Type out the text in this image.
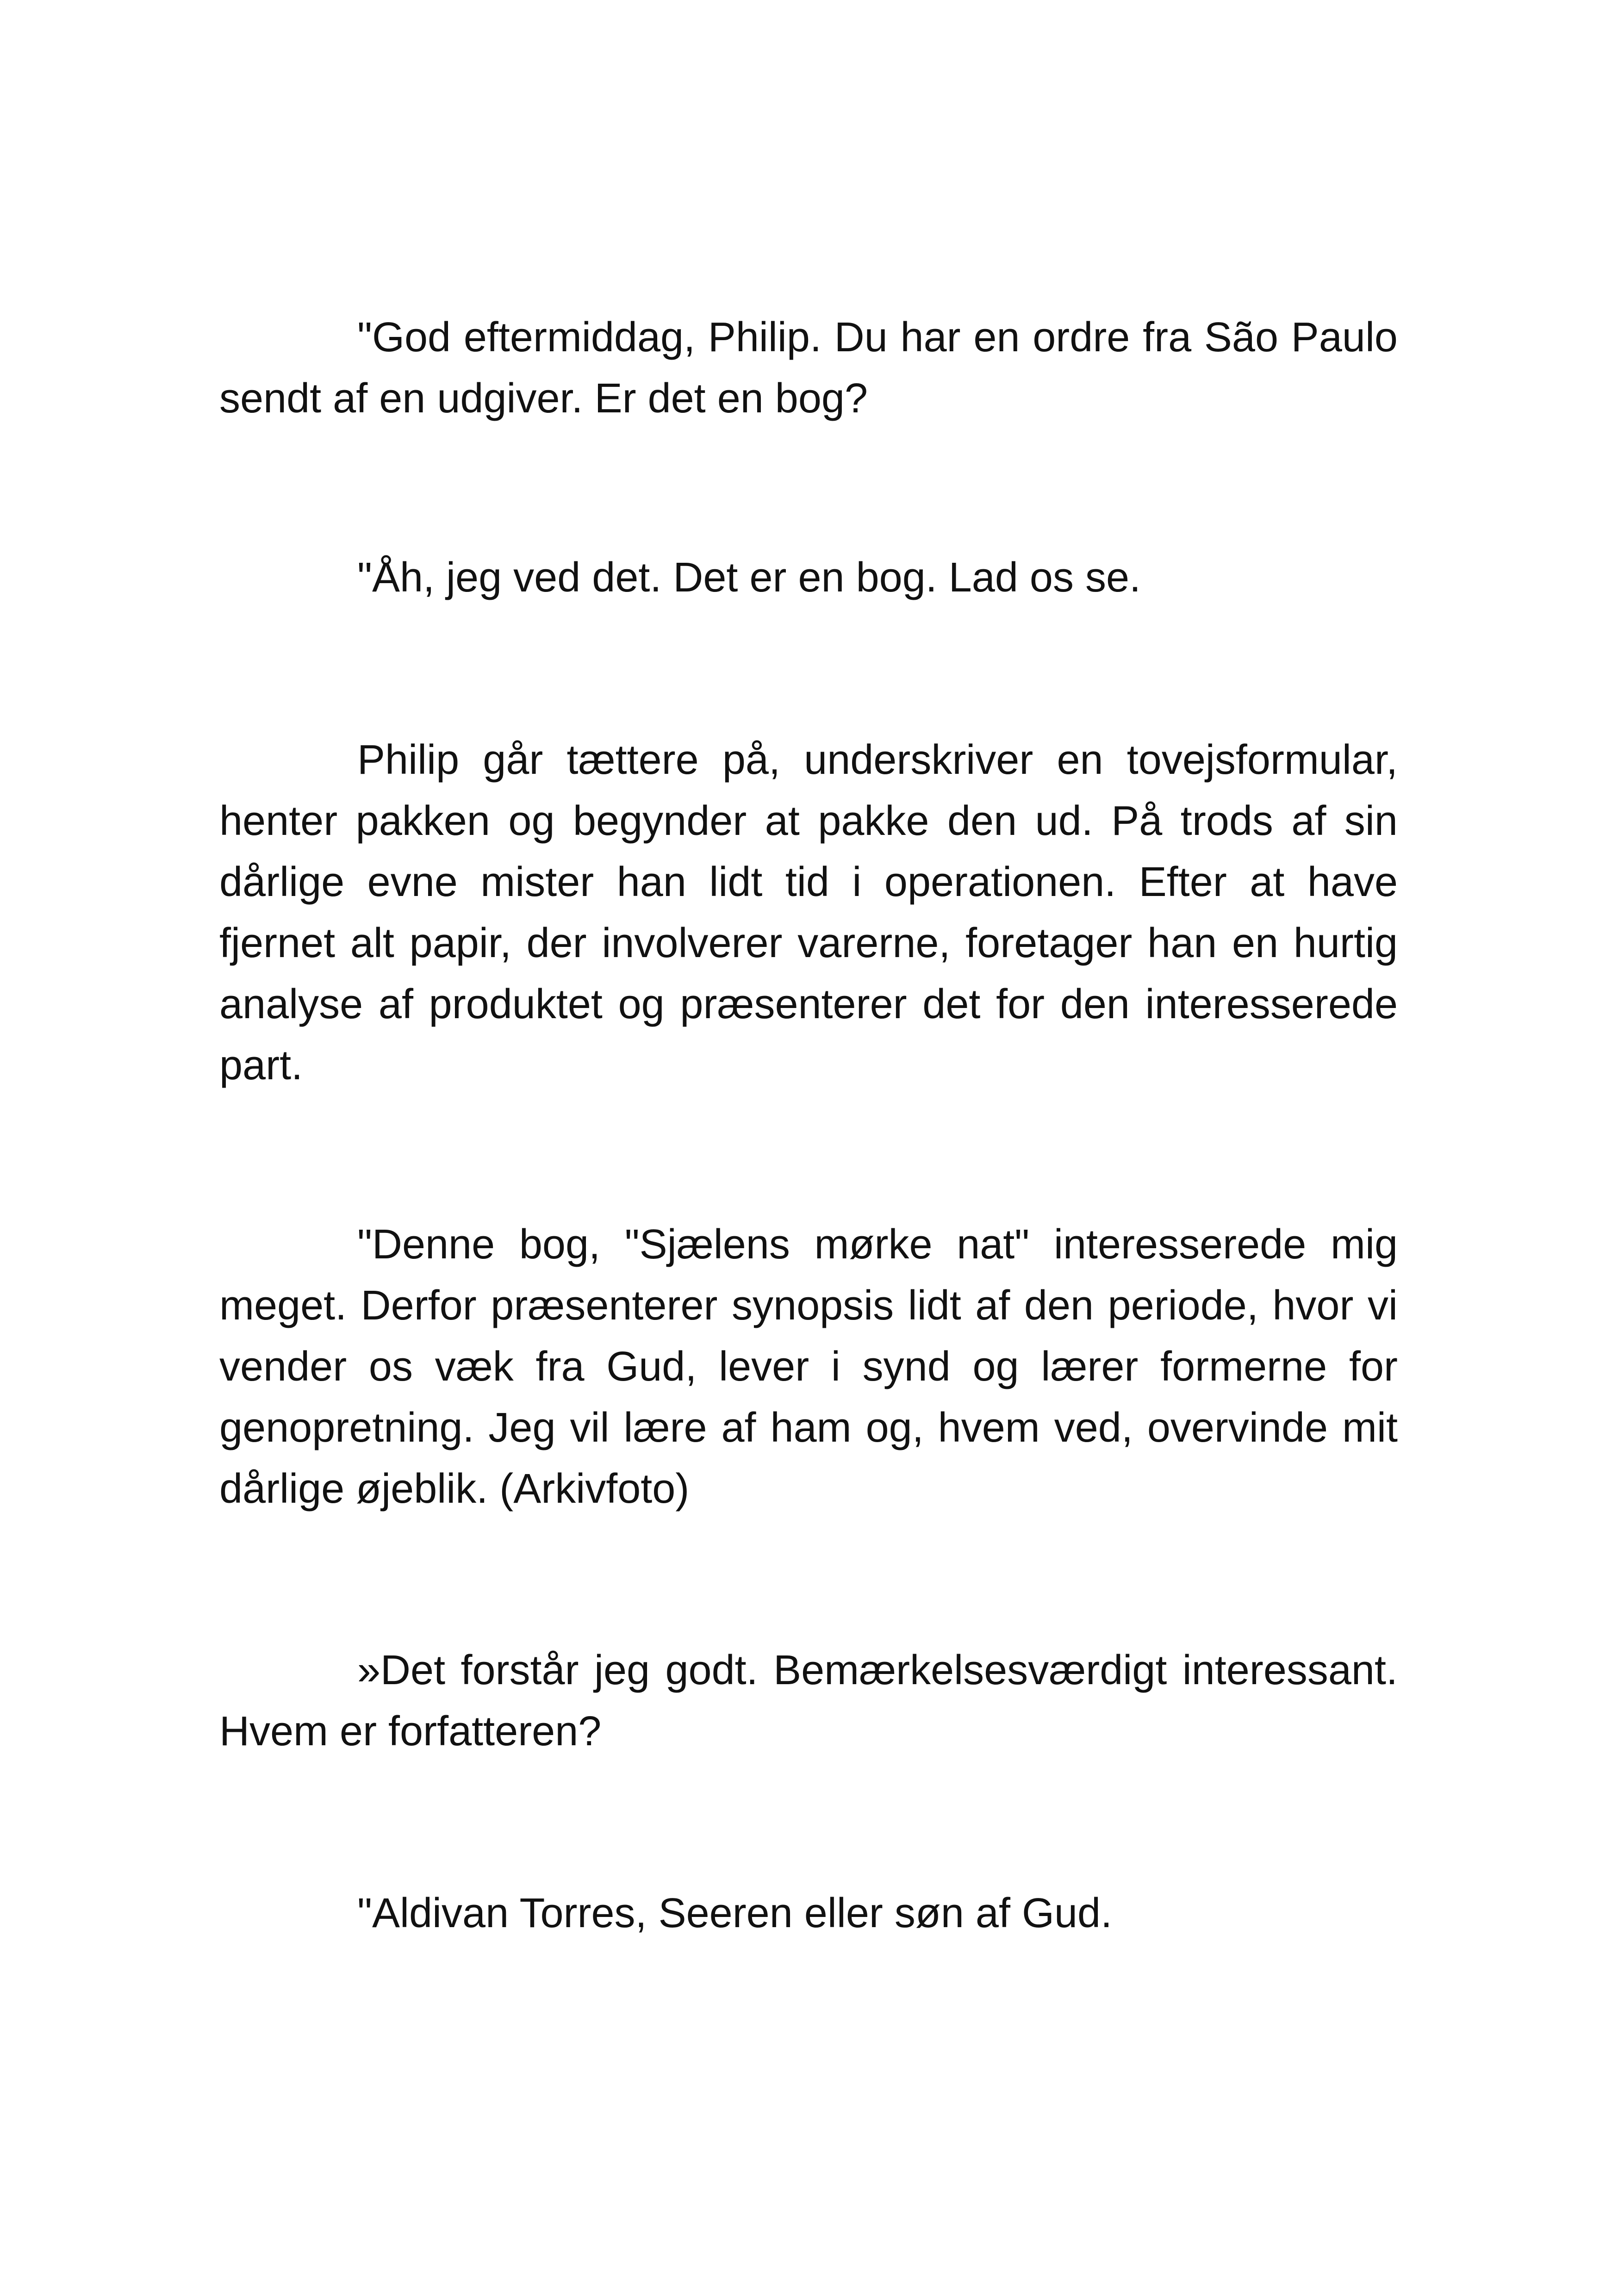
"God eftermiddag, Philip. Du har en ordre fra São Paulo sendt af en udgiver. Er det en bog?

"Åh, jeg ved det. Det er en bog. Lad os se.

Philip går tættere på, underskriver en tovejsformular, henter pakken og begynder at pakke den ud. På trods af sin dårlige evne mister han lidt tid i operationen. Efter at have fjernet alt papir, der involverer varerne, foretager han en hurtig analyse af produktet og præsenterer det for den interesserede part.

"Denne bog, "Sjælens mørke nat" interesserede mig meget. Derfor præsenterer synopsis lidt af den periode, hvor vi vender os væk fra Gud, lever i synd og lærer formerne for genopretning. Jeg vil lære af ham og, hvem ved, overvinde mit dårlige øjeblik. (Arkivfoto)

»Det forstår jeg godt. Bemærkelsesværdigt interessant. Hvem er forfatteren?

"Aldivan Torres, Seeren eller søn af Gud.
